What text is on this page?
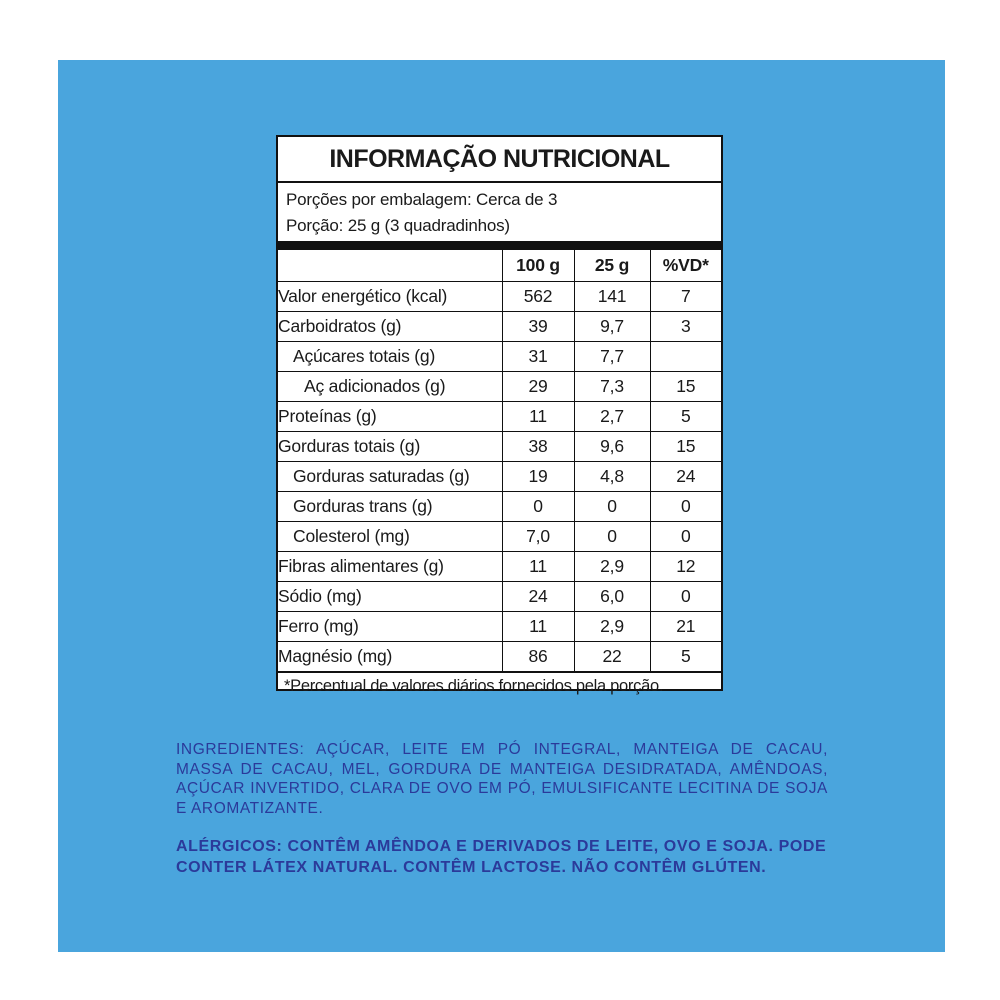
INFORMAÇÃO NUTRICIONAL
Porções por embalagem: Cerca de 3
Porção: 25 g (3 quadradinhos)
	100 g	25 g	%VD*
Valor energético (kcal)	562	141	7
Carboidratos (g)	39	9,7	3
Açúcares totais (g)	31	7,7	
Aç adicionados (g)	29	7,3	15
Proteínas (g)	11	2,7	5
Gorduras totais (g)	38	9,6	15
Gorduras saturadas (g)	19	4,8	24
Gorduras trans (g)	0	0	0
Colesterol (mg)	7,0	0	0
Fibras alimentares (g)	11	2,9	12
Sódio (mg)	24	6,0	0
Ferro (mg)	11	2,9	21
Magnésio (mg)	86	22	5
*Percentual de valores diários fornecidos pela porção.
INGREDIENTES: AÇÚCAR, LEITE EM PÓ INTEGRAL, MANTEIGA DE CACAU, MASSA DE CACAU, MEL, GORDURA DE MANTEIGA DESIDRATADA, AMÊNDOAS, AÇÚCAR INVERTIDO, CLARA DE OVO EM PÓ, EMULSIFICANTE LECITINA DE SOJA E AROMATIZANTE.
ALÉRGICOS: CONTÊM AMÊNDOA E DERIVADOS DE LEITE, OVO E SOJA. PODE CONTER LÁTEX NATURAL. CONTÊM LACTOSE. NÃO CONTÊM GLÚTEN.
